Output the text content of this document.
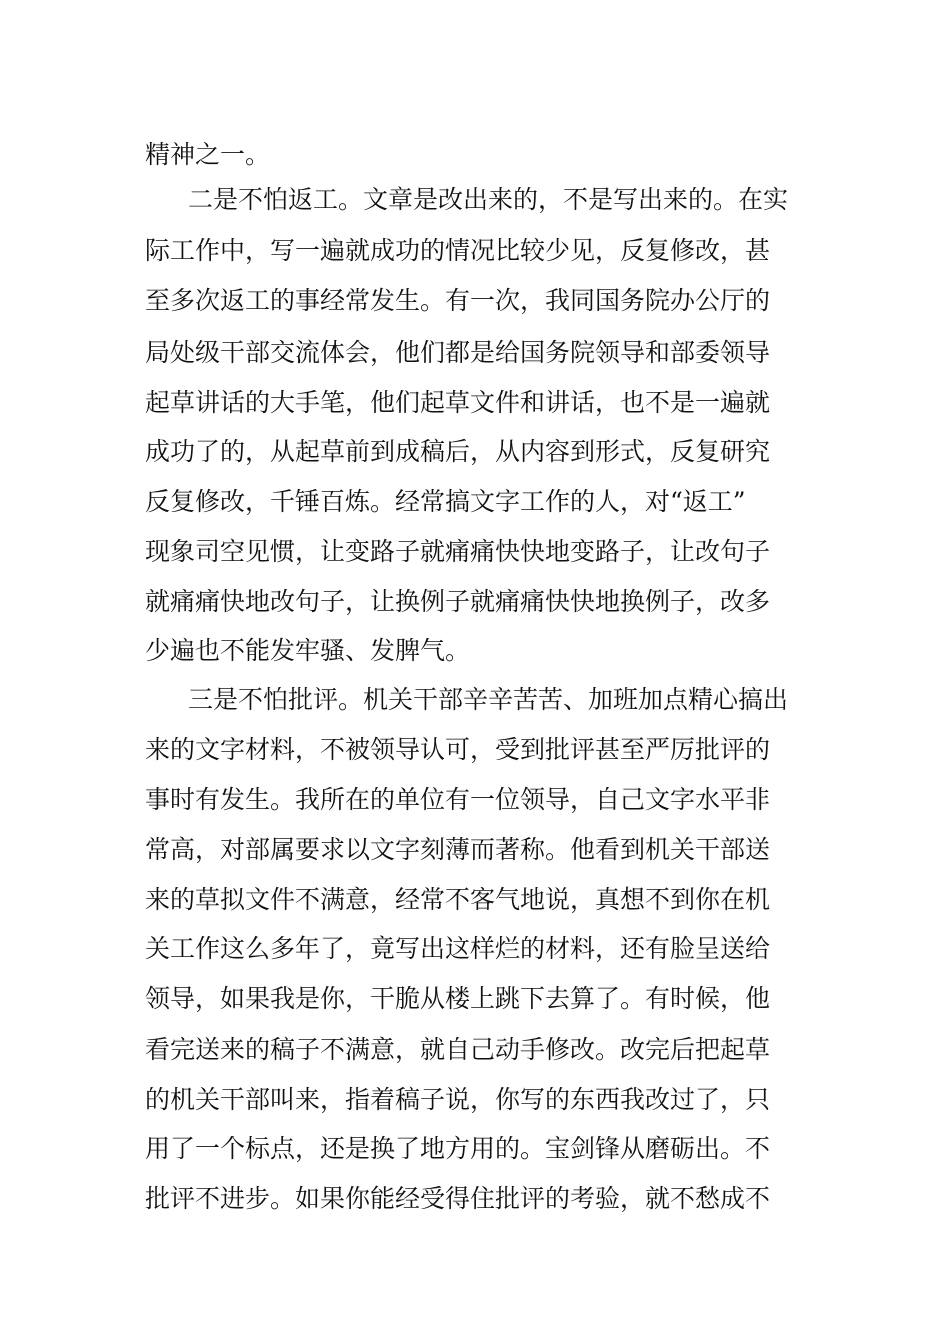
精神之一。
二是不怕返工。文章是改出来的，不是写出来的。在实
际工作中，写一遍就成功的情况比较少见，反复修改，甚
至多次返工的事经常发生。有一次，我同国务院办公厅的
局处级干部交流体会，他们都是给国务院领导和部委领导
起草讲话的大手笔，他们起草文件和讲话，也不是一遍就
成功了的，从起草前到成稿后，从内容到形式，反复研究
反复修改，千锤百炼。经常搞文字工作的人，对“返工”
现象司空见惯，让变路子就痛痛快快地变路子，让改句子
就痛痛快地改句子，让换例子就痛痛快快地换例子，改多
少遍也不能发牢骚、发脾气。
三是不怕批评。机关干部辛辛苦苦、加班加点精心搞出
来的文字材料，不被领导认可，受到批评甚至严厉批评的
事时有发生。我所在的单位有一位领导，自己文字水平非
常高，对部属要求以文字刻薄而著称。他看到机关干部送
来的草拟文件不满意，经常不客气地说，真想不到你在机
关工作这么多年了，竟写出这样烂的材料，还有脸呈送给
领导，如果我是你，干脆从楼上跳下去算了。有时候，他
看完送来的稿子不满意，就自己动手修改。改完后把起草
的机关干部叫来，指着稿子说，你写的东西我改过了，只
用了一个标点，还是换了地方用的。宝剑锋从磨砺出。不
批评不进步。如果你能经受得住批评的考验，就不愁成不
